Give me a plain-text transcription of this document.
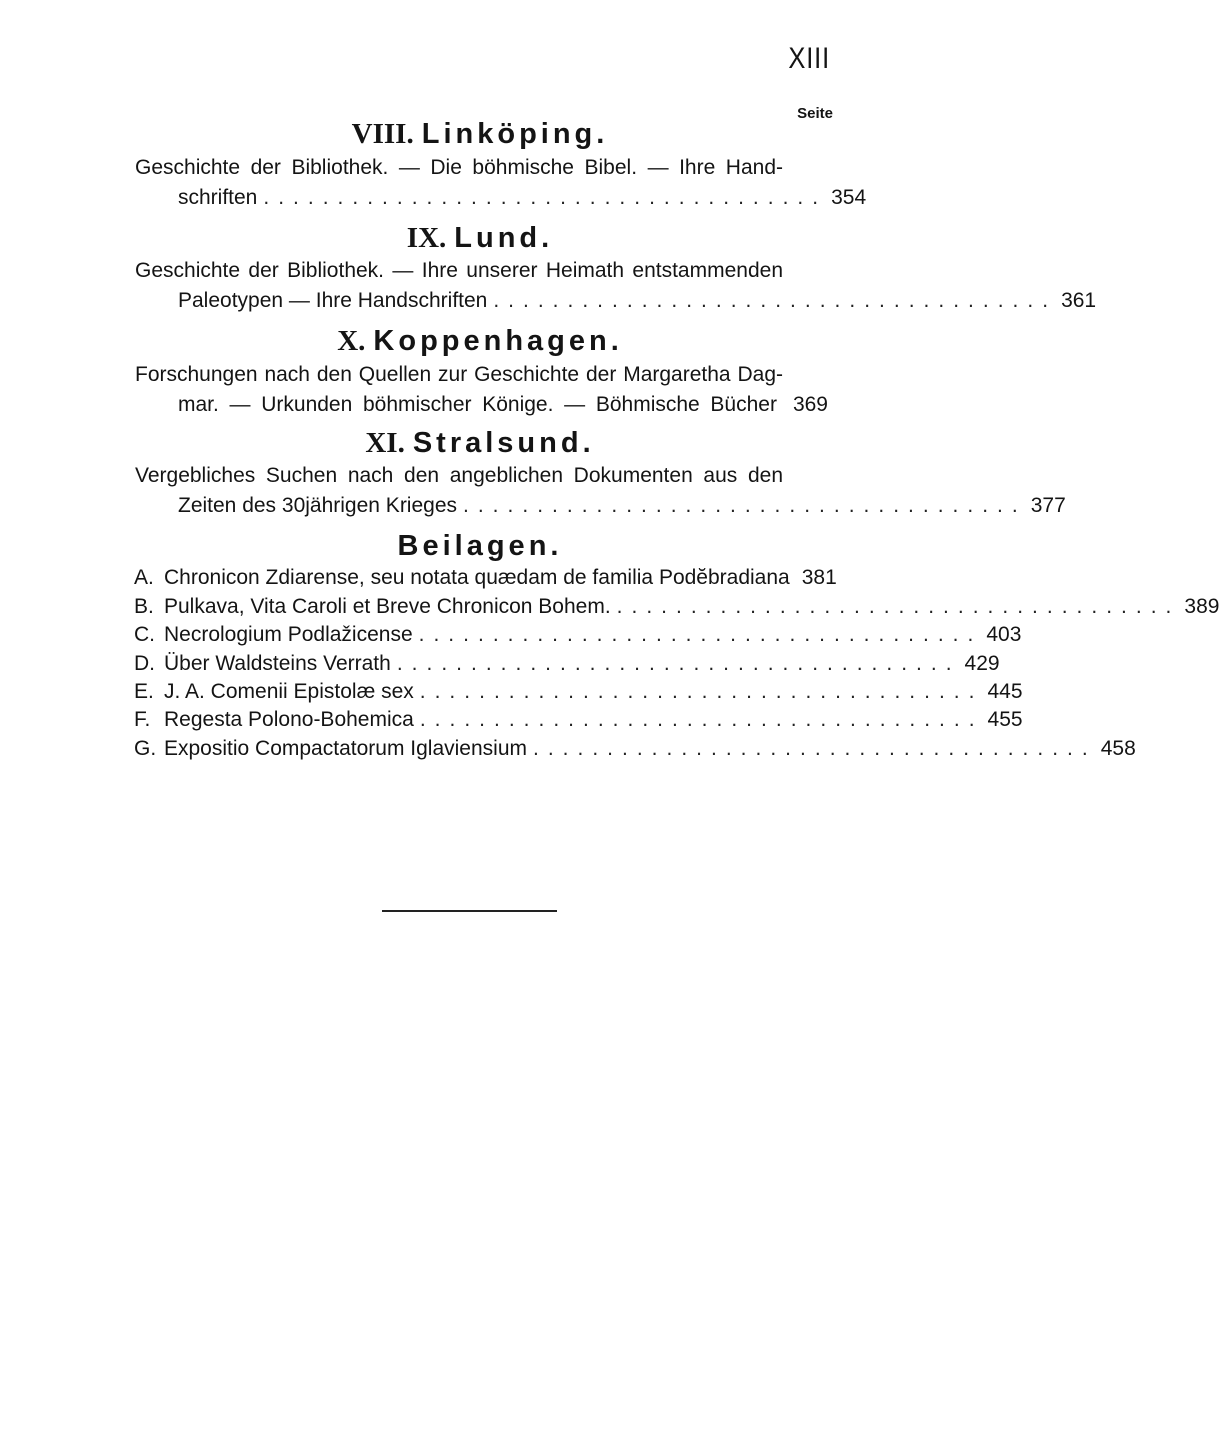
XIII
Seite
VIII. Linköping.
Geschichte der Bibliothek. — Die böhmische Bibel. — Ihre Hand-
schriften ...................................... 354
IX. Lund.
Geschichte der Bibliothek. — Ihre unserer Heimath entstammenden
Paleotypen — Ihre Handschriften ...................................... 361
X. Koppenhagen.
Forschungen nach den Quellen zur Geschichte der Margaretha Dag-
mar. — Urkunden böhmischer Könige. — Böhmische Bücher 369
XI. Stralsund.
Vergebliches Suchen nach den angeblichen Dokumenten aus den
Zeiten des 30jährigen Krieges ...................................... 377
Beilagen.
A. Chronicon Zdiarense, seu notata quædam de familia Podĕbradiana 381
B. Pulkava, Vita Caroli et Breve Chronicon Bohem. ...................................... 389
C. Necrologium Podlažicense ...................................... 403
D. Über Waldsteins Verrath ...................................... 429
E. J. A. Comenii Epistolæ sex ...................................... 445
F. Regesta Polono-Bohemica ...................................... 455
G. Expositio Compactatorum Iglaviensium ...................................... 458
